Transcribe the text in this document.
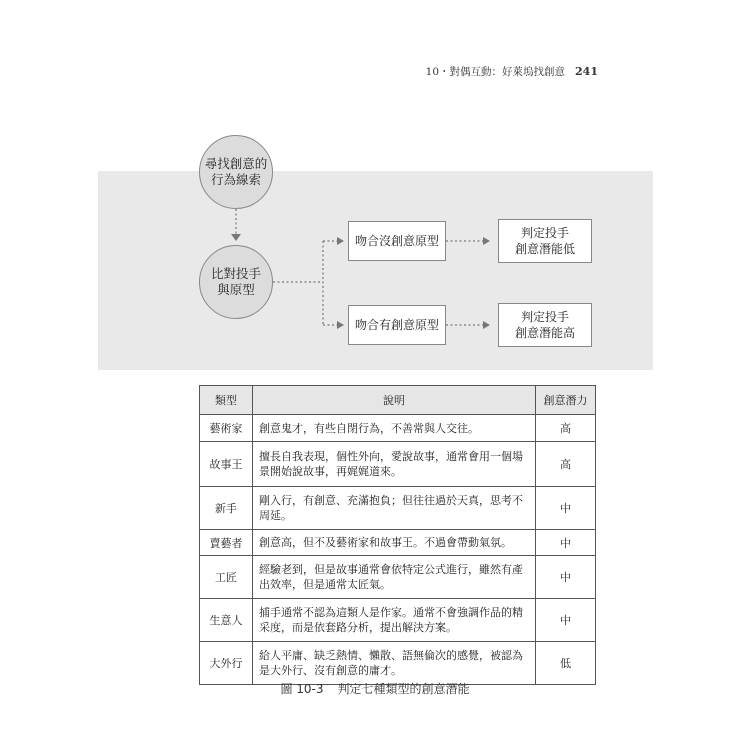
10・對偶互動：好萊塢找創意 241
尋找創意的
行為線索
比對投手
與原型
吻合沒創意原型
吻合有創意原型
判定投手
創意潛能低
判定投手
創意潛能高
類型	說明	創意潛力
藝術家	創意鬼才，有些自閉行為，不善常與人交往。	高
故事王	擅長自我表現，個性外向，愛說故事，通常會用一個場景開始說故事，再娓娓道來。	高
新手	剛入行，有創意、充滿抱負；但往往過於天真，思考不周延。	中
賣藝者	創意高，但不及藝術家和故事王。不過會帶動氣氛。	中
工匠	經驗老到，但是故事通常會依特定公式進行，雖然有產出效率，但是通常太匠氣。	中
生意人	捕手通常不認為這類人是作家。通常不會強調作品的精采度，而是依套路分析，提出解決方案。	中
大外行	給人平庸、缺乏熱情、懶散、語無倫次的感覺，被認為是大外行、沒有創意的庸才。	低
圖 10-3 判定七種類型的創意潛能
